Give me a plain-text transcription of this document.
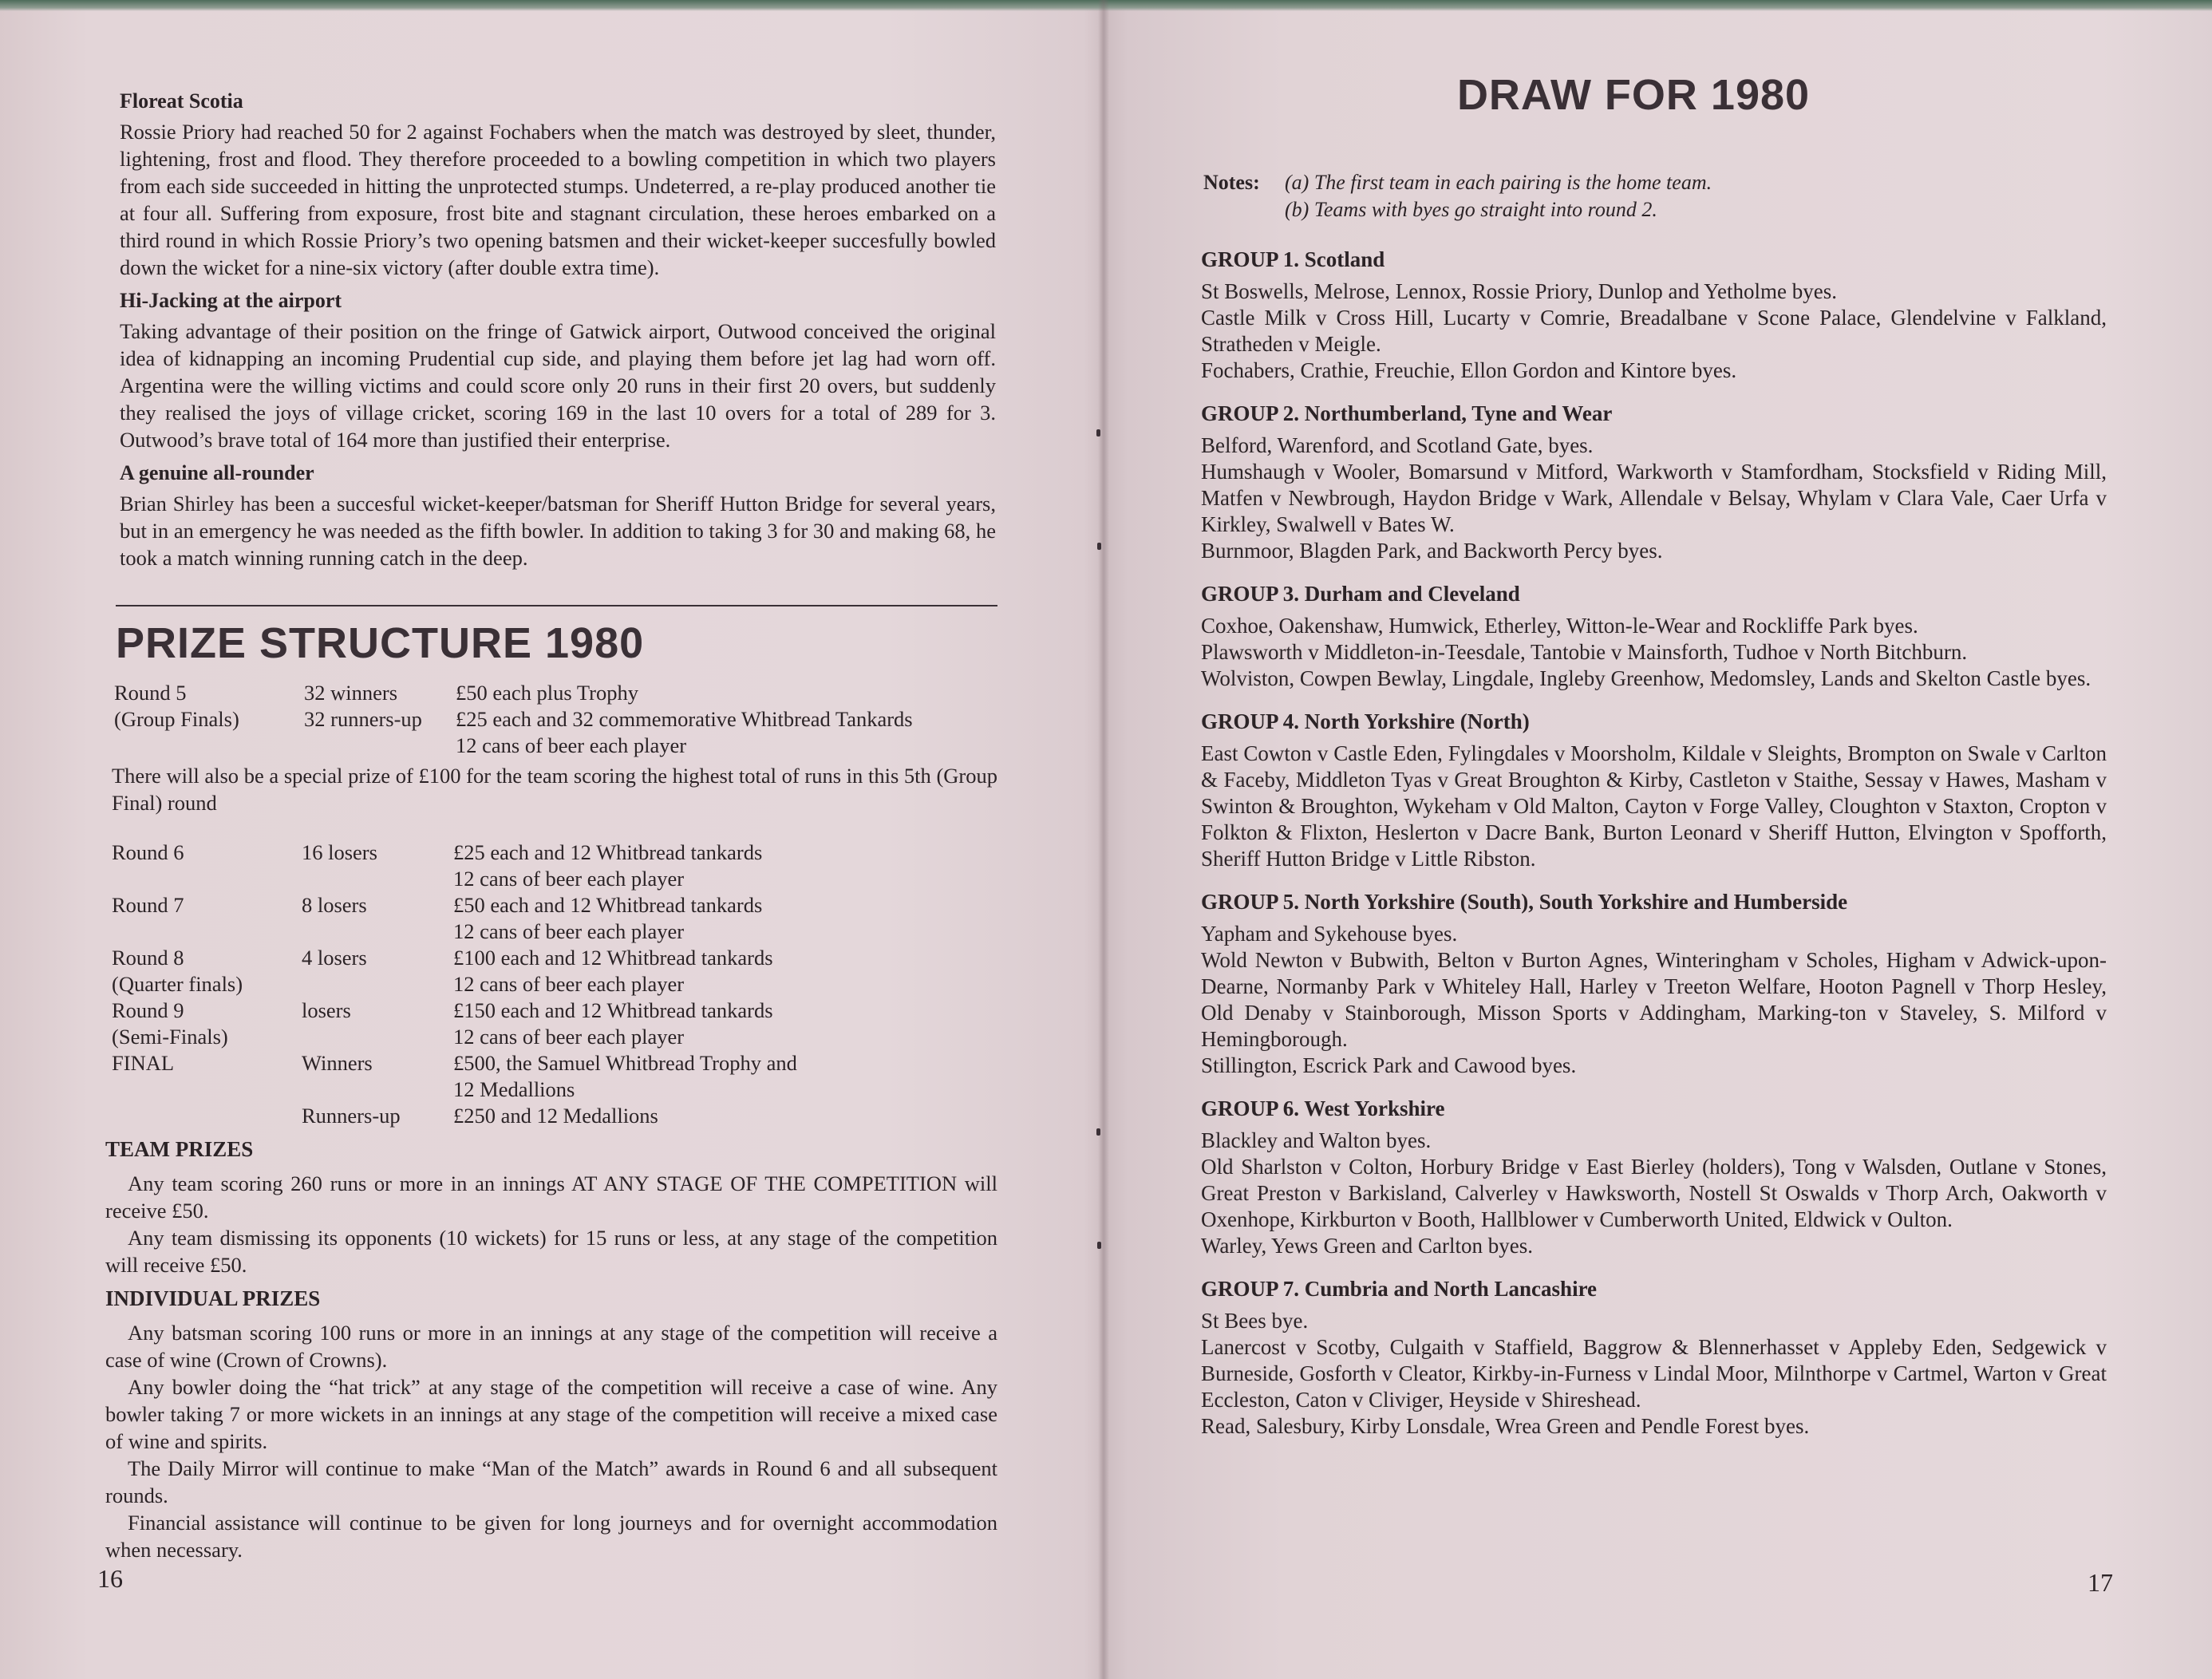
Floreat Scotia

Rossie Priory had reached 50 for 2 against Fochabers when the match was destroyed by sleet, thunder, lightening, frost and flood. They therefore proceeded to a bowling competition in which two players from each side succeeded in hitting the unprotected stumps. Undeterred, a re-play produced another tie at four all. Suffering from exposure, frost bite and stagnant circulation, these heroes embarked on a third round in which Rossie Priory’s two opening batsmen and their wicket-keeper succesfully bowled down the wicket for a nine-six victory (after double extra time).

Hi-Jacking at the airport

Taking advantage of their position on the fringe of Gatwick airport, Outwood conceived the original idea of kidnapping an incoming Prudential cup side, and playing them before jet lag had worn off. Argentina were the willing victims and could score only 20 runs in their first 20 overs, but suddenly they realised the joys of village cricket, scoring 169 in the last 10 overs for a total of 289 for 3. Outwood’s brave total of 164 more than justified their enterprise.

A genuine all-rounder

Brian Shirley has been a succesful wicket-keeper/batsman for Sheriff Hutton Bridge for several years, but in an emergency he was needed as the fifth bowler. In addition to taking 3 for 30 and making 68, he took a match winning running catch in the deep.

PRIZE STRUCTURE 1980
Round 5	32 winners	£50 each plus Trophy
(Group Finals)	32 runners-up	£25 each and 32 commemorative Whitbread Tankards
		12 cans of beer each player

There will also be a special prize of £100 for the team scoring the highest total of runs in this 5th (Group Final) round

Round 6	16 losers	£25 each and 12 Whitbread tankards
		12 cans of beer each player
Round 7	8 losers	£50 each and 12 Whitbread tankards
		12 cans of beer each player
Round 8	4 losers	£100 each and 12 Whitbread tankards
(Quarter finals)		12 cans of beer each player
Round 9	losers	£150 each and 12 Whitbread tankards
(Semi-Finals)		12 cans of beer each player
FINAL	Winners	£500, the Samuel Whitbread Trophy and
		12 Medallions
	Runners-up	£250 and 12 Medallions
TEAM PRIZES

Any team scoring 260 runs or more in an innings AT ANY STAGE OF THE COMPETITION will receive £50.

Any team dismissing its opponents (10 wickets) for 15 runs or less, at any stage of the competition will receive £50.

INDIVIDUAL PRIZES

Any batsman scoring 100 runs or more in an innings at any stage of the competition will receive a case of wine (Crown of Crowns).

Any bowler doing the “hat trick” at any stage of the competition will receive a case of wine. Any bowler taking 7 or more wickets in an innings at any stage of the competition will receive a mixed case of wine and spirits.

The Daily Mirror will continue to make “Man of the Match” awards in Round 6 and all subsequent rounds.

Financial assistance will continue to be given for long journeys and for overnight accommodation when necessary.

16
DRAW FOR 1980
Notes:	(a) The first team in each pairing is the home team.
(b) Teams with byes go straight into round 2.
GROUP 1. Scotland

St Boswells, Melrose, Lennox, Rossie Priory, Dunlop and Yetholme byes.

Castle Milk v Cross Hill, Lucarty v Comrie, Breadalbane v Scone Palace, Glendelvine v Falkland, Stratheden v Meigle.

Fochabers, Crathie, Freuchie, Ellon Gordon and Kintore byes.

GROUP 2. Northumberland, Tyne and Wear

Belford, Warenford, and Scotland Gate, byes.

Humshaugh v Wooler, Bomarsund v Mitford, Warkworth v Stamfordham, Stocksfield v Riding Mill, Matfen v Newbrough, Haydon Bridge v Wark, Allendale v Belsay, Whylam v Clara Vale, Caer Urfa v Kirkley, Swalwell v Bates W.

Burnmoor, Blagden Park, and Backworth Percy byes.

GROUP 3. Durham and Cleveland

Coxhoe, Oakenshaw, Humwick, Etherley, Witton-le-Wear and Rockliffe Park byes.

Plawsworth v Middleton-in-Teesdale, Tantobie v Mainsforth, Tudhoe v North Bitchburn.

Wolviston, Cowpen Bewlay, Lingdale, Ingleby Greenhow, Medomsley, Lands and Skelton Castle byes.

GROUP 4. North Yorkshire (North)

East Cowton v Castle Eden, Fylingdales v Moorsholm, Kildale v Sleights, Brompton on Swale v Carlton & Faceby, Middleton Tyas v Great Broughton & Kirby, Castleton v Staithe, Sessay v Hawes, Masham v Swinton & Broughton, Wykeham v Old Malton, Cayton v Forge Valley, Cloughton v Staxton, Cropton v Folkton & Flixton, Heslerton v Dacre Bank, Burton Leonard v Sheriff Hutton, Elvington v Spofforth, Sheriff Hutton Bridge v Little Ribston.

GROUP 5. North Yorkshire (South), South Yorkshire and Humberside

Yapham and Sykehouse byes.

Wold Newton v Bubwith, Belton v Burton Agnes, Winteringham v Scholes, Higham v Adwick-upon-Dearne, Normanby Park v Whiteley Hall, Harley v Treeton Welfare, Hooton Pagnell v Thorp Hesley, Old Denaby v Stainborough, Misson Sports v Addingham, Marking-ton v Staveley, S. Milford v Hemingborough.

Stillington, Escrick Park and Cawood byes.

GROUP 6. West Yorkshire

Blackley and Walton byes.

Old Sharlston v Colton, Horbury Bridge v East Bierley (holders), Tong v Walsden, Outlane v Stones, Great Preston v Barkisland, Calverley v Hawksworth, Nostell St Oswalds v Thorp Arch, Oakworth v Oxenhope, Kirkburton v Booth, Hallblower v Cumberworth United, Eldwick v Oulton.

Warley, Yews Green and Carlton byes.

GROUP 7. Cumbria and North Lancashire

St Bees bye.

Lanercost v Scotby, Culgaith v Staffield, Baggrow & Blennerhasset v Appleby Eden, Sedgewick v Burneside, Gosforth v Cleator, Kirkby-in-Furness v Lindal Moor, Milnthorpe v Cartmel, Warton v Great Eccleston, Caton v Cliviger, Heyside v Shireshead.

Read, Salesbury, Kirby Lonsdale, Wrea Green and Pendle Forest byes.

17
